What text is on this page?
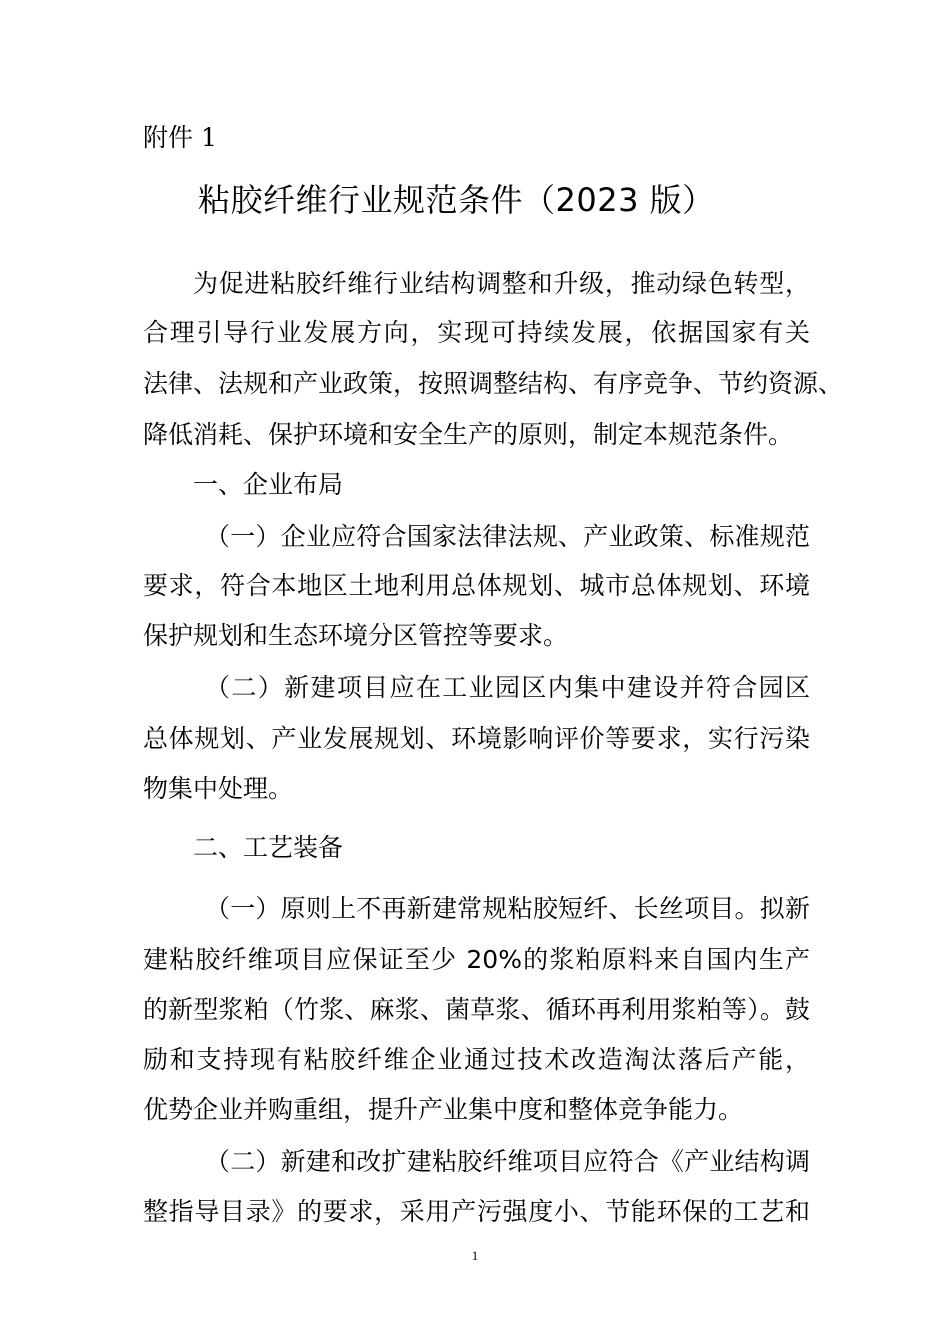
附件 1
粘胶纤维行业规范条件（2023 版）
为促进粘胶纤维行业结构调整和升级，推动绿色转型，
合理引导行业发展方向，实现可持续发展，依据国家有关
法律、法规和产业政策，按照调整结构、有序竞争、节约资源、
降低消耗、保护环境和安全生产的原则，制定本规范条件。
一、企业布局
（一）企业应符合国家法律法规、产业政策、标准规范
要求，符合本地区土地利用总体规划、城市总体规划、环境
保护规划和生态环境分区管控等要求。
（二）新建项目应在工业园区内集中建设并符合园区
总体规划、产业发展规划、环境影响评价等要求，实行污染
物集中处理。
二、工艺装备
（一）原则上不再新建常规粘胶短纤、长丝项目。拟新
建粘胶纤维项目应保证至少 20%的浆粕原料来自国内生产
的新型浆粕（竹浆、麻浆、菌草浆、循环再利用浆粕等）。鼓
励和支持现有粘胶纤维企业通过技术改造淘汰落后产能，
优势企业并购重组，提升产业集中度和整体竞争能力。
（二）新建和改扩建粘胶纤维项目应符合《产业结构调
整指导目录》的要求，采用产污强度小、节能环保的工艺和
1
